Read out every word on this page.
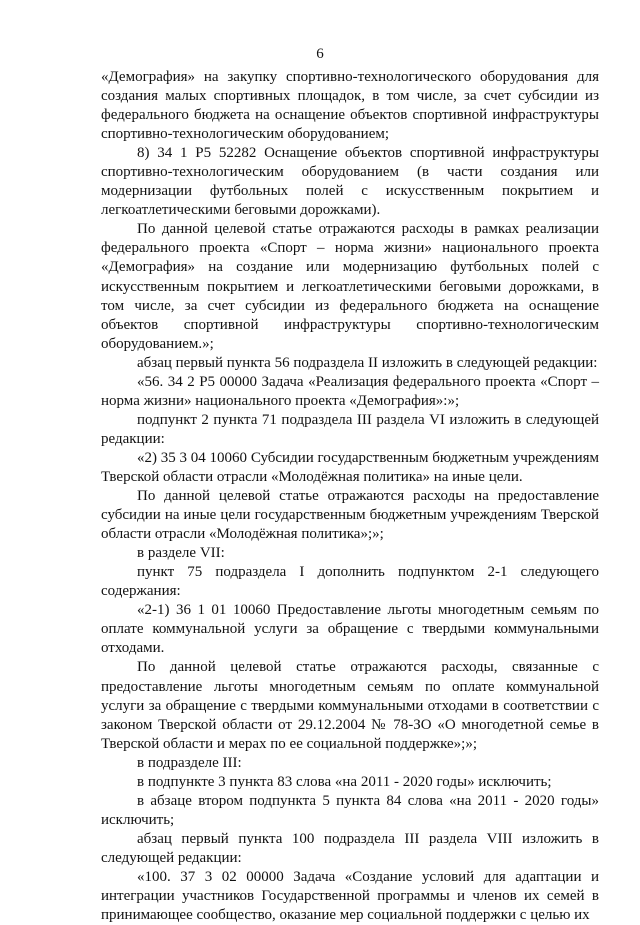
6

«Демография» на закупку спортивно-технологического оборудования для создания малых спортивных площадок, в том числе, за счет субсидии из федерального бюджета на оснащение объектов спортивной инфраструктуры спортивно-технологическим оборудованием;

8) 34 1 Р5 52282 Оснащение объектов спортивной инфраструктуры спортивно-технологическим оборудованием (в части создания или модернизации футбольных полей с искусственным покрытием и легкоатлетическими беговыми дорожками).

По данной целевой статье отражаются расходы в рамках реализации федерального проекта «Спорт – норма жизни» национального проекта «Демография» на создание или модернизацию футбольных полей с искусственным покрытием и легкоатлетическими беговыми дорожками, в том числе, за счет субсидии из федерального бюджета на оснащение объектов спортивной инфраструктуры спортивно-технологическим оборудованием.»;

абзац первый пункта 56 подраздела II изложить в следующей редакции:

«56. 34 2 Р5 00000 Задача «Реализация федерального проекта «Спорт – норма жизни» национального проекта «Демография»:»;

подпункт 2 пункта 71 подраздела III раздела VI изложить в следующей редакции:

«2) 35 3 04 10060 Субсидии государственным бюджетным учреждениям Тверской области отрасли «Молодёжная политика» на иные цели.

По данной целевой статье отражаются расходы на предоставление субсидии на иные цели государственным бюджетным учреждениям Тверской области отрасли «Молодёжная политика»;»;

в разделе VII:

пункт 75 подраздела I дополнить подпунктом 2-1 следующего содержания:

«2-1) 36 1 01 10060 Предоставление льготы многодетным семьям по оплате коммунальной услуги за обращение с твердыми коммунальными отходами.

По данной целевой статье отражаются расходы, связанные с предоставление льготы многодетным семьям по оплате коммунальной услуги за обращение с твердыми коммунальными отходами в соответствии с законом Тверской области от 29.12.2004 № 78-ЗО «О многодетной семье в Тверской области и мерах по ее социальной поддержке»;»;

в подразделе III:

в подпункте 3 пункта 83 слова «на 2011 - 2020 годы» исключить;

в абзаце втором подпункта 5 пункта 84 слова «на 2011 - 2020 годы» исключить;

абзац первый пункта 100 подраздела III раздела VIII изложить в следующей редакции:

«100. 37 3 02 00000 Задача «Создание условий для адаптации и интеграции участников Государственной программы и членов их семей в принимающее сообщество, оказание мер социальной поддержки с целью их
